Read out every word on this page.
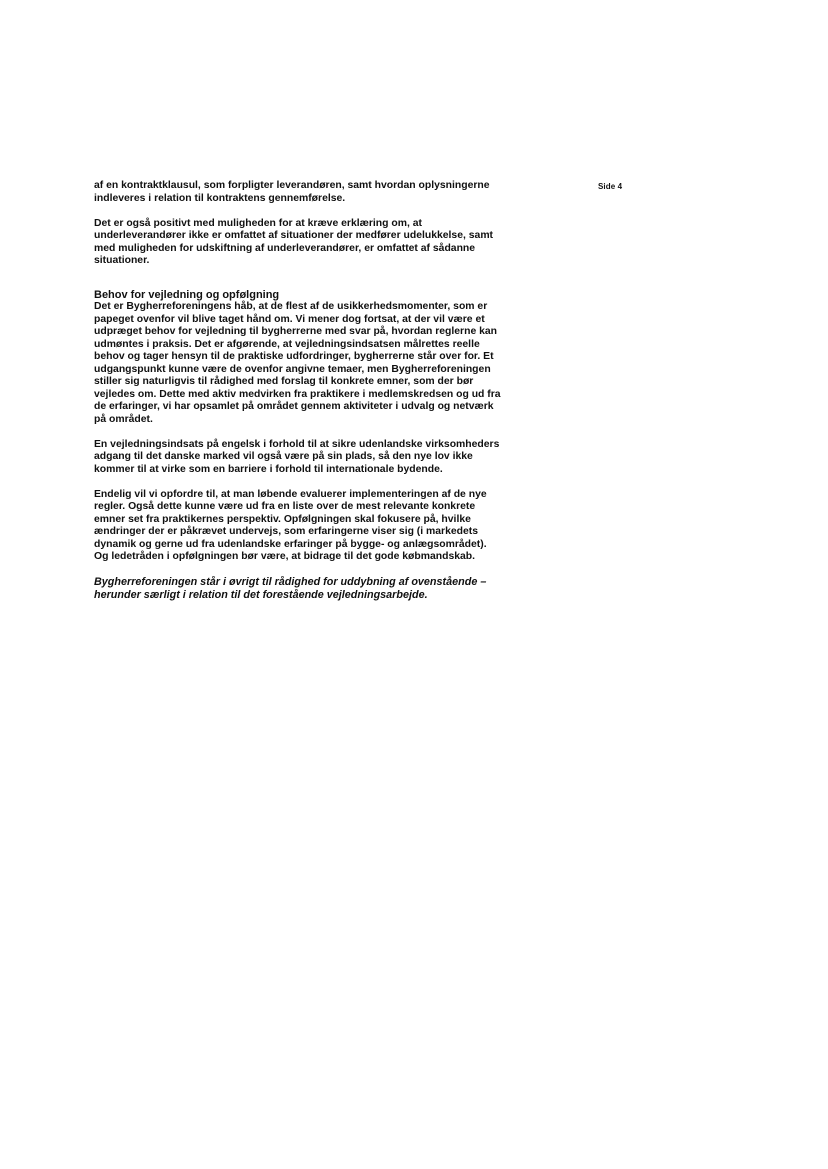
Side 4
af en kontraktklausul, som forpligter leverandøren, samt hvordan oplysningerne
indleveres i relation til kontraktens gennemførelse.
Det er også positivt med muligheden for at kræve erklæring om, at
underleverandører ikke er omfattet af situationer der medfører udelukkelse, samt
med muligheden for udskiftning af underleverandører, er omfattet af sådanne
situationer.
Behov for vejledning og opfølgning
Det er Bygherreforeningens håb, at de flest af de usikkerhedsmomenter, som er
papeget ovenfor vil blive taget hånd om. Vi mener dog fortsat, at der vil være et
udpræget behov for vejledning til bygherrerne med svar på, hvordan reglerne kan
udmøntes i praksis. Det er afgørende, at vejledningsindsatsen målrettes reelle
behov og tager hensyn til de praktiske udfordringer, bygherrerne står over for. Et
udgangspunkt kunne være de ovenfor angivne temaer, men Bygherreforeningen
stiller sig naturligvis til rådighed med forslag til konkrete emner, som der bør
vejledes om. Dette med aktiv medvirken fra praktikere i medlemskredsen og ud fra
de erfaringer, vi har opsamlet på området gennem aktiviteter i udvalg og netværk
på området.
En vejledningsindsats på engelsk i forhold til at sikre udenlandske virksomheders
adgang til det danske marked vil også være på sin plads, så den nye lov ikke
kommer til at virke som en barriere i forhold til internationale bydende.
Endelig vil vi opfordre til, at man løbende evaluerer implementeringen af de nye
regler. Også dette kunne være ud fra en liste over de mest relevante konkrete
emner set fra praktikernes perspektiv. Opfølgningen skal fokusere på, hvilke
ændringer der er påkrævet undervejs, som erfaringerne viser sig (i markedets
dynamik og gerne ud fra udenlandske erfaringer på bygge- og anlægsområdet).
Og ledetråden i opfølgningen bør være, at bidrage til det gode købmandskab.
Bygherreforeningen står i øvrigt til rådighed for uddybning af ovenstående –
herunder særligt i relation til det forestående vejledningsarbejde.
